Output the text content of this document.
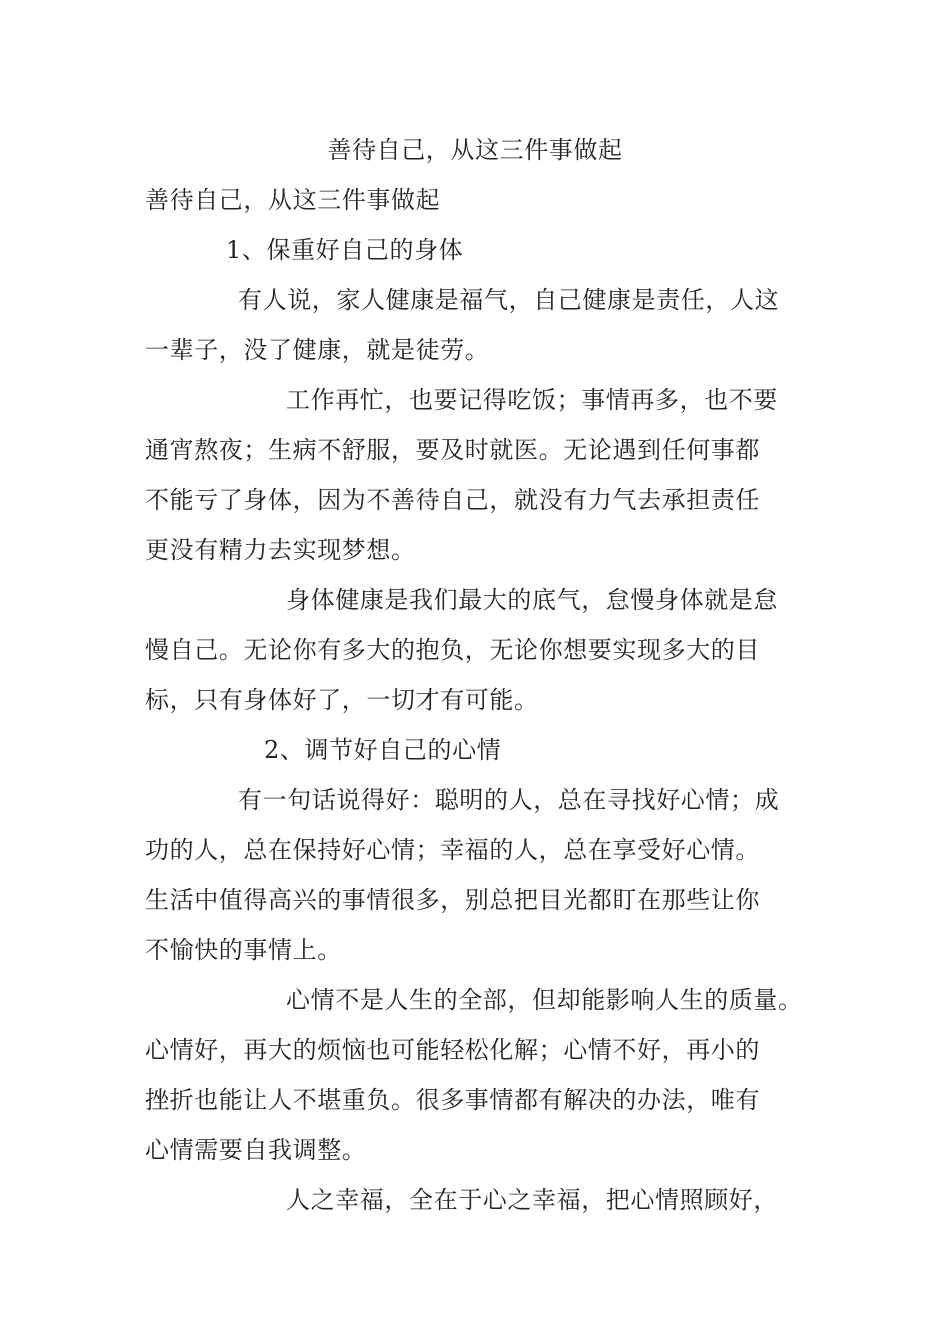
善待自己，从这三件事做起
善待自己，从这三件事做起
1、保重好自己的身体
有人说，家人健康是福气，自己健康是责任，人这
一辈子，没了健康，就是徒劳。
工作再忙，也要记得吃饭；事情再多，也不要
通宵熬夜；生病不舒服，要及时就医。无论遇到任何事都
不能亏了身体，因为不善待自己，就没有力气去承担责任
更没有精力去实现梦想。
身体健康是我们最大的底气，怠慢身体就是怠
慢自己。无论你有多大的抱负，无论你想要实现多大的目
标，只有身体好了，一切才有可能。
2、调节好自己的心情
有一句话说得好：聪明的人，总在寻找好心情；成
功的人，总在保持好心情；幸福的人，总在享受好心情。
生活中值得高兴的事情很多，别总把目光都盯在那些让你
不愉快的事情上。
心情不是人生的全部，但却能影响人生的质量。
心情好，再大的烦恼也可能轻松化解；心情不好，再小的
挫折也能让人不堪重负。很多事情都有解决的办法，唯有
心情需要自我调整。
人之幸福，全在于心之幸福，把心情照顾好，
